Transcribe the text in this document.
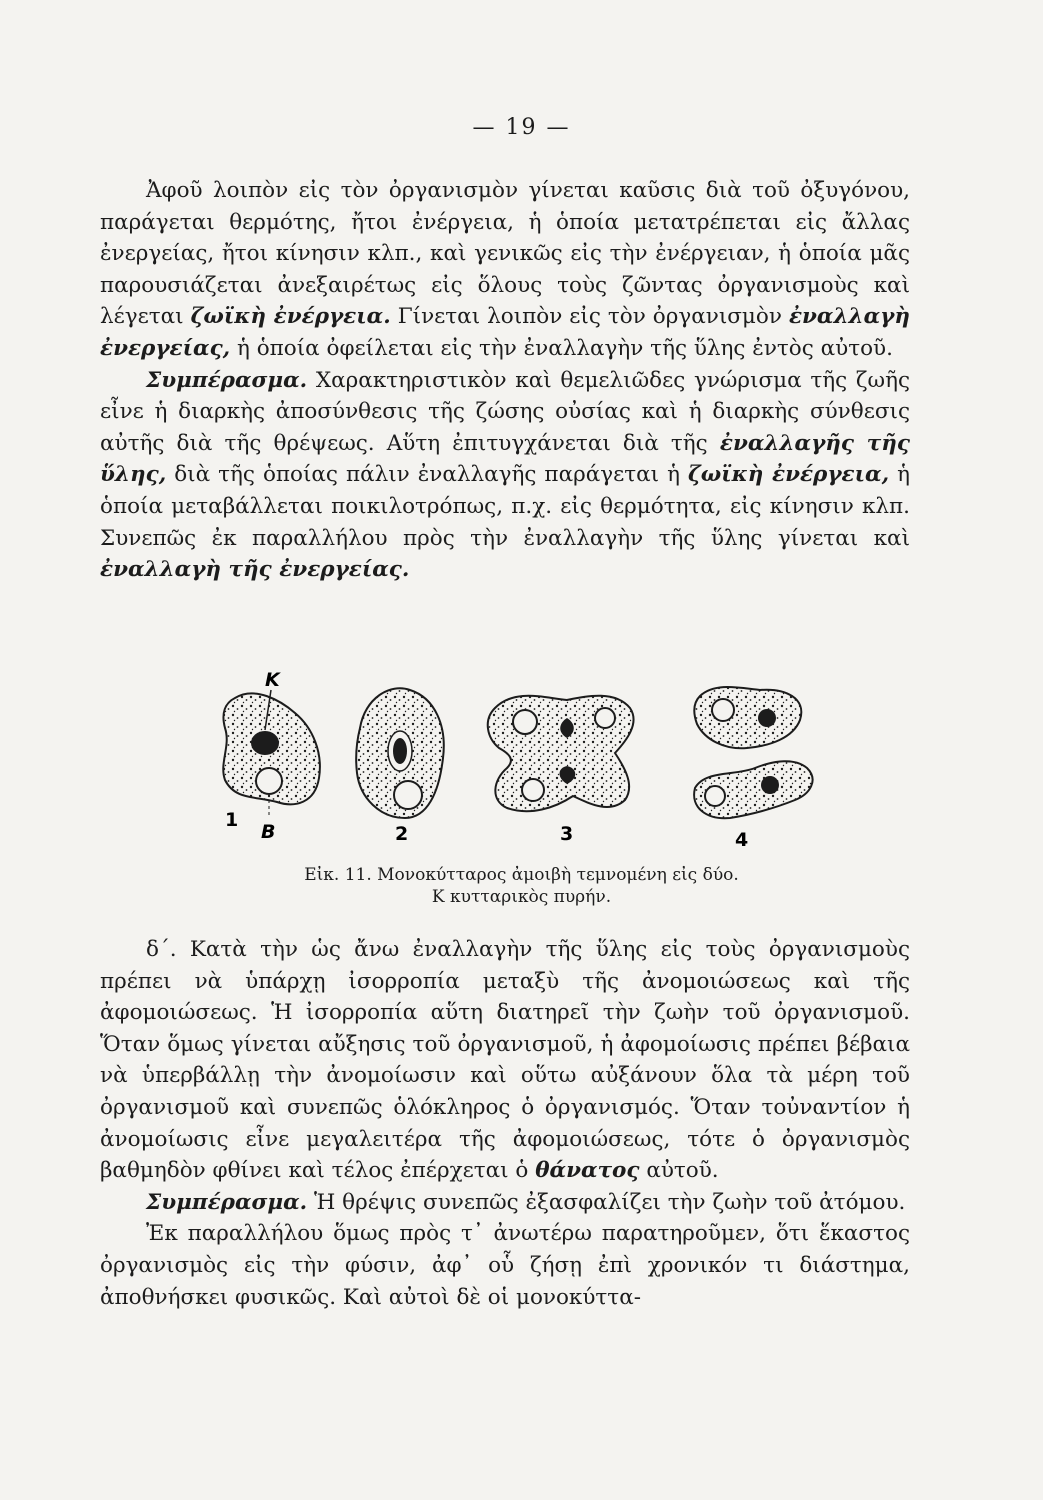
— 19 —

Ἀφοῦ λοιπὸν εἰς τὸν ὀργανισμὸν γίνεται καῦσις διὰ τοῦ ὀξυγόνου, παράγεται θερμότης, ἤτοι ἐνέργεια, ἡ ὁποία μετατρέπεται εἰς ἄλλας ἐνεργείας, ἤτοι κίνησιν κλπ., καὶ γενικῶς εἰς τὴν ἐνέργειαν, ἡ ὁποία μᾶς παρουσιάζεται ἀνεξαιρέτως εἰς ὅλους τοὺς ζῶντας ὀργανισμοὺς καὶ λέγεται ζωϊκὴ ἐνέργεια. Γίνεται λοιπὸν εἰς τὸν ὀργανισμὸν ἐναλλαγὴ ἐνεργείας, ἡ ὁποία ὀφείλεται εἰς τὴν ἐναλλαγὴν τῆς ὕλης ἐντὸς αὐτοῦ.

Συμπέρασμα. Χαρακτηριστικὸν καὶ θεμελιῶδες γνώρισμα τῆς ζωῆς εἶνε ἡ διαρκὴς ἀποσύνθεσις τῆς ζώσης οὐσίας καὶ ἡ διαρκὴς σύνθεσις αὐτῆς διὰ τῆς θρέψεως. Αὕτη ἐπιτυγχάνεται διὰ τῆς ἐναλλαγῆς τῆς ὕλης, διὰ τῆς ὁποίας πάλιν ἐναλλαγῆς παράγεται ἡ ζωϊκὴ ἐνέργεια, ἡ ὁποία μεταβάλλεται ποικιλοτρόπως, π.χ. εἰς θερμότητα, εἰς κίνησιν κλπ. Συνεπῶς ἐκ παραλλήλου πρὸς τὴν ἐναλλαγὴν τῆς ὕλης γίνεται καὶ ἐναλλαγὴ τῆς ἐνεργείας.

K
1
B	2	3	4
Εἰκ. 11. Μονοκύτταρος ἀμοιβὴ τεμνομένη εἰς δύο.
Κ κυτταρικὸς πυρήν.

δ΄. Κατὰ τὴν ὡς ἄνω ἐναλλαγὴν τῆς ὕλης εἰς τοὺς ὀργανισμοὺς πρέπει νὰ ὑπάρχῃ ἰσορροπία μεταξὺ τῆς ἀνομοιώσεως καὶ τῆς ἀφομοιώσεως. Ἡ ἰσορροπία αὕτη διατηρεῖ τὴν ζωὴν τοῦ ὀργανισμοῦ. Ὅταν ὅμως γίνεται αὔξησις τοῦ ὀργανισμοῦ, ἡ ἀφομοίωσις πρέπει βέβαια νὰ ὑπερβάλλῃ τὴν ἀνομοίωσιν καὶ οὕτω αὐξάνουν ὅλα τὰ μέρη τοῦ ὀργανισμοῦ καὶ συνεπῶς ὁλόκληρος ὁ ὀργανισμός. Ὅταν τοὐναντίον ἡ ἀνομοίωσις εἶνε μεγαλειτέρα τῆς ἀφομοιώσεως, τότε ὁ ὀργανισμὸς βαθμηδὸν φθίνει καὶ τέλος ἐπέρχεται ὁ θάνατος αὐτοῦ.

Συμπέρασμα. Ἡ θρέψις συνεπῶς ἐξασφαλίζει τὴν ζωὴν τοῦ ἀτόμου.

Ἐκ παραλλήλου ὅμως πρὸς τ᾽ ἀνωτέρω παρατηροῦμεν, ὅτι ἕκαστος ὀργανισμὸς εἰς τὴν φύσιν, ἀφ᾽ οὗ ζήσῃ ἐπὶ χρονικόν τι διάστημα, ἀποθνήσκει φυσικῶς. Καὶ αὐτοὶ δὲ οἱ μονοκύττα-
